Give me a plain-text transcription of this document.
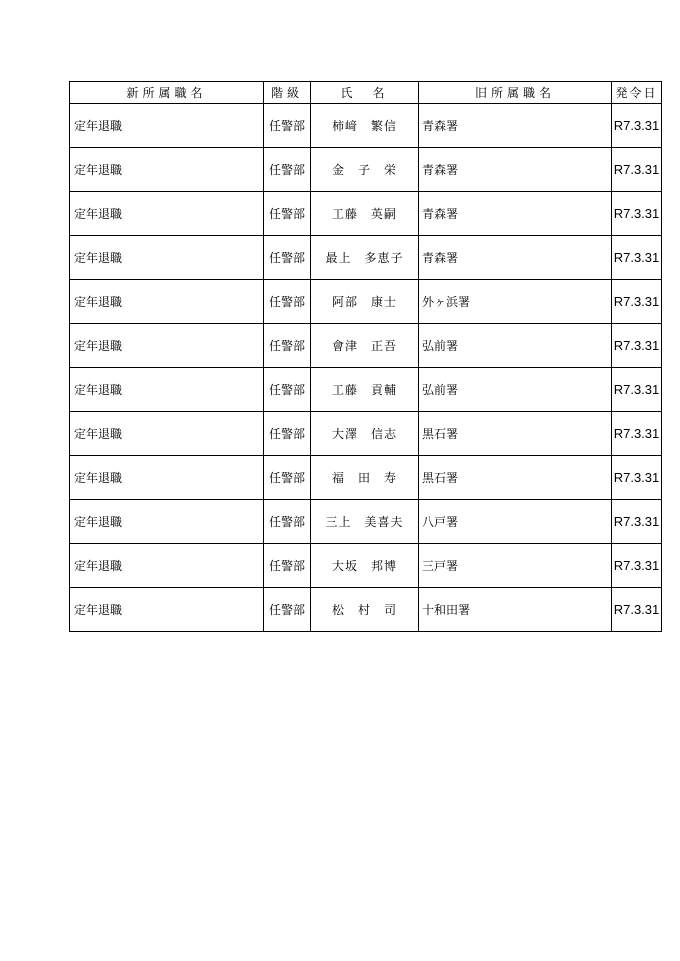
新所属職名	階級	氏　名	旧所属職名	発令日
定年退職	任警部	柿﨑　繁信	青森署	R7.3.31
定年退職	任警部	金　子　栄	青森署	R7.3.31
定年退職	任警部	工藤　英嗣	青森署	R7.3.31
定年退職	任警部	最上　多恵子	青森署	R7.3.31
定年退職	任警部	阿部　康士	外ヶ浜署	R7.3.31
定年退職	任警部	會津　正吾	弘前署	R7.3.31
定年退職	任警部	工藤　貢輔	弘前署	R7.3.31
定年退職	任警部	大澤　信志	黒石署	R7.3.31
定年退職	任警部	福　田　寿	黒石署	R7.3.31
定年退職	任警部	三上　美喜夫	八戸署	R7.3.31
定年退職	任警部	大坂　邦博	三戸署	R7.3.31
定年退職	任警部	松　村　司	十和田署	R7.3.31
